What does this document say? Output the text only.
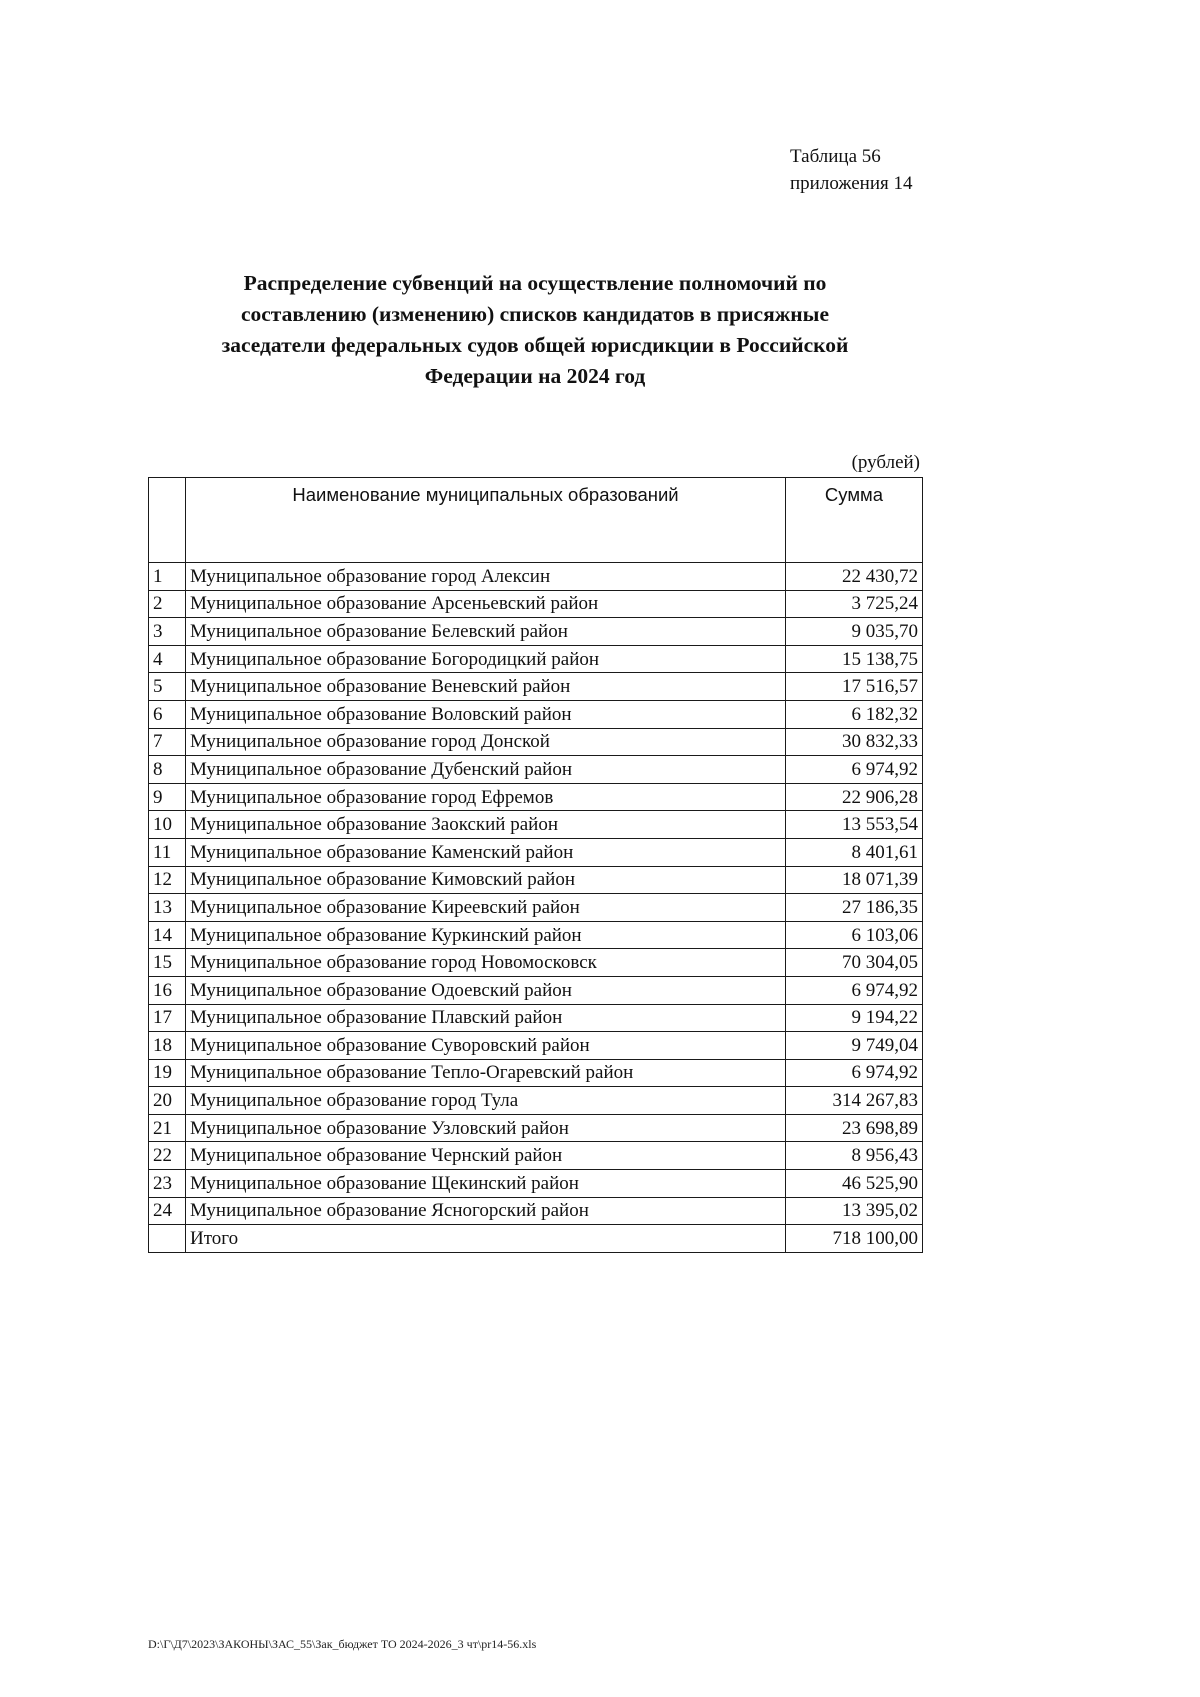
Таблица 56
приложения 14
Распределение субвенций на осуществление полномочий по
составлению (изменению) списков кандидатов в присяжные
заседатели федеральных судов общей юрисдикции в Российской
Федерации на 2024 год
(рублей)
	Наименование муниципальных образований	Сумма
1	Муниципальное образование город Алексин	22 430,72
2	Муниципальное образование Арсеньевский район	3 725,24
3	Муниципальное образование Белевский район	9 035,70
4	Муниципальное образование Богородицкий район	15 138,75
5	Муниципальное образование Веневский район	17 516,57
6	Муниципальное образование Воловский район	6 182,32
7	Муниципальное образование город Донской	30 832,33
8	Муниципальное образование Дубенский район	6 974,92
9	Муниципальное образование город Ефремов	22 906,28
10	Муниципальное образование Заокский район	13 553,54
11	Муниципальное образование Каменский район	8 401,61
12	Муниципальное образование Кимовский район	18 071,39
13	Муниципальное образование Киреевский район	27 186,35
14	Муниципальное образование Куркинский район	6 103,06
15	Муниципальное образование город Новомосковск	70 304,05
16	Муниципальное образование Одоевский район	6 974,92
17	Муниципальное образование Плавский район	9 194,22
18	Муниципальное образование Суворовский район	9 749,04
19	Муниципальное образование Тепло-Огаревский район	6 974,92
20	Муниципальное образование город Тула	314 267,83
21	Муниципальное образование Узловский район	23 698,89
22	Муниципальное образование Чернский район	8 956,43
23	Муниципальное образование Щекинский район	46 525,90
24	Муниципальное образование Ясногорский район	13 395,02
	Итого	718 100,00
D:\Г\Д7\2023\ЗАКОНЫ\ЗАС_55\Зак_бюджет ТО 2024-2026_3 чт\pr14-56.xls
